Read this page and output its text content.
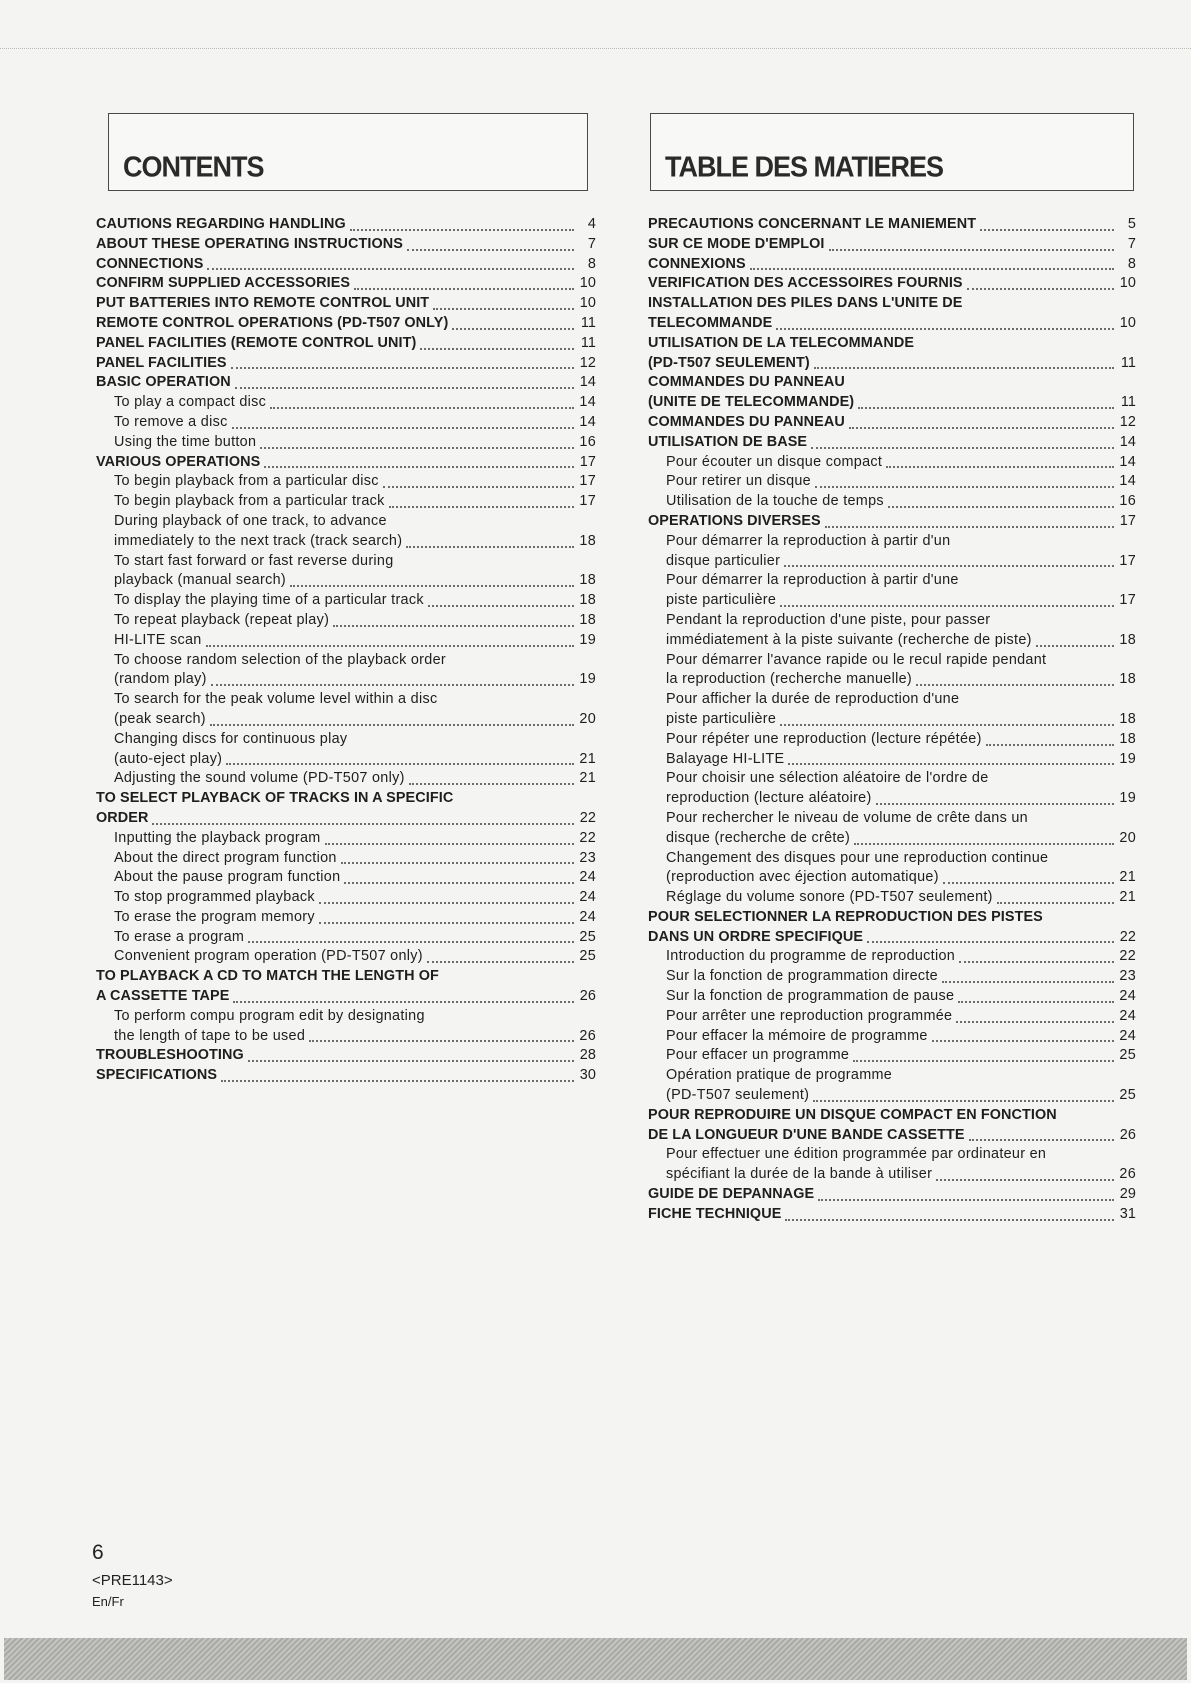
CONTENTS
CAUTIONS REGARDING HANDLING	4
ABOUT THESE OPERATING INSTRUCTIONS	7
CONNECTIONS	8
CONFIRM SUPPLIED ACCESSORIES	10
PUT BATTERIES INTO REMOTE CONTROL UNIT	10
REMOTE CONTROL OPERATIONS (PD-T507 ONLY)	11
PANEL FACILITIES (REMOTE CONTROL UNIT)	11
PANEL FACILITIES	12
BASIC OPERATION	14
To play a compact disc	14
To remove a disc	14
Using the time button	16
VARIOUS OPERATIONS	17
To begin playback from a particular disc	17
To begin playback from a particular track	17
During playback of one track, to advance
immediately to the next track (track search)	18
To start fast forward or fast reverse during
playback (manual search)	18
To display the playing time of a particular track	18
To repeat playback (repeat play)	18
HI-LITE scan	19
To choose random selection of the playback order
(random play)	19
To search for the peak volume level within a disc
(peak search)	20
Changing discs for continuous play
(auto-eject play)	21
Adjusting the sound volume (PD-T507 only)	21
TO SELECT PLAYBACK OF TRACKS IN A SPECIFIC
ORDER	22
Inputting the playback program	22
About the direct program function	23
About the pause program function	24
To stop programmed playback	24
To erase the program memory	24
To erase a program	25
Convenient program operation (PD-T507 only)	25
TO PLAYBACK A CD TO MATCH THE LENGTH OF
A CASSETTE TAPE	26
To perform compu program edit by designating
the length of tape to be used	26
TROUBLESHOOTING	28
SPECIFICATIONS	30
TABLE DES MATIERES
PRECAUTIONS CONCERNANT LE MANIEMENT	5
SUR CE MODE D'EMPLOI	7
CONNEXIONS	8
VERIFICATION DES ACCESSOIRES FOURNIS	10
INSTALLATION DES PILES DANS L'UNITE DE
TELECOMMANDE	10
UTILISATION DE LA TELECOMMANDE
(PD-T507 SEULEMENT)	11
COMMANDES DU PANNEAU
(UNITE DE TELECOMMANDE)	11
COMMANDES DU PANNEAU	12
UTILISATION DE BASE	14
Pour écouter un disque compact	14
Pour retirer un disque	14
Utilisation de la touche de temps	16
OPERATIONS DIVERSES	17
Pour démarrer la reproduction à partir d'un
disque particulier	17
Pour démarrer la reproduction à partir d'une
piste particulière	17
Pendant la reproduction d'une piste, pour passer
immédiatement à la piste suivante (recherche de piste)	18
Pour démarrer l'avance rapide ou le recul rapide pendant
la reproduction (recherche manuelle)	18
Pour afficher la durée de reproduction d'une
piste particulière	18
Pour répéter une reproduction (lecture répétée)	18
Balayage HI-LITE	19
Pour choisir une sélection aléatoire de l'ordre de
reproduction (lecture aléatoire)	19
Pour rechercher le niveau de volume de crête dans un
disque (recherche de crête)	20
Changement des disques pour une reproduction continue
(reproduction avec éjection automatique)	21
Réglage du volume sonore (PD-T507 seulement)	21
POUR SELECTIONNER LA REPRODUCTION DES PISTES
DANS UN ORDRE SPECIFIQUE	22
Introduction du programme de reproduction	22
Sur la fonction de programmation directe	23
Sur la fonction de programmation de pause	24
Pour arrêter une reproduction programmée	24
Pour effacer la mémoire de programme	24
Pour effacer un programme	25
Opération pratique de programme
(PD-T507 seulement)	25
POUR REPRODUIRE UN DISQUE COMPACT EN FONCTION
DE LA LONGUEUR D'UNE BANDE CASSETTE	26
Pour effectuer une édition programmée par ordinateur en
spécifiant la durée de la bande à utiliser	26
GUIDE DE DEPANNAGE	29
FICHE TECHNIQUE	31
6
<PRE1143>
En/Fr
